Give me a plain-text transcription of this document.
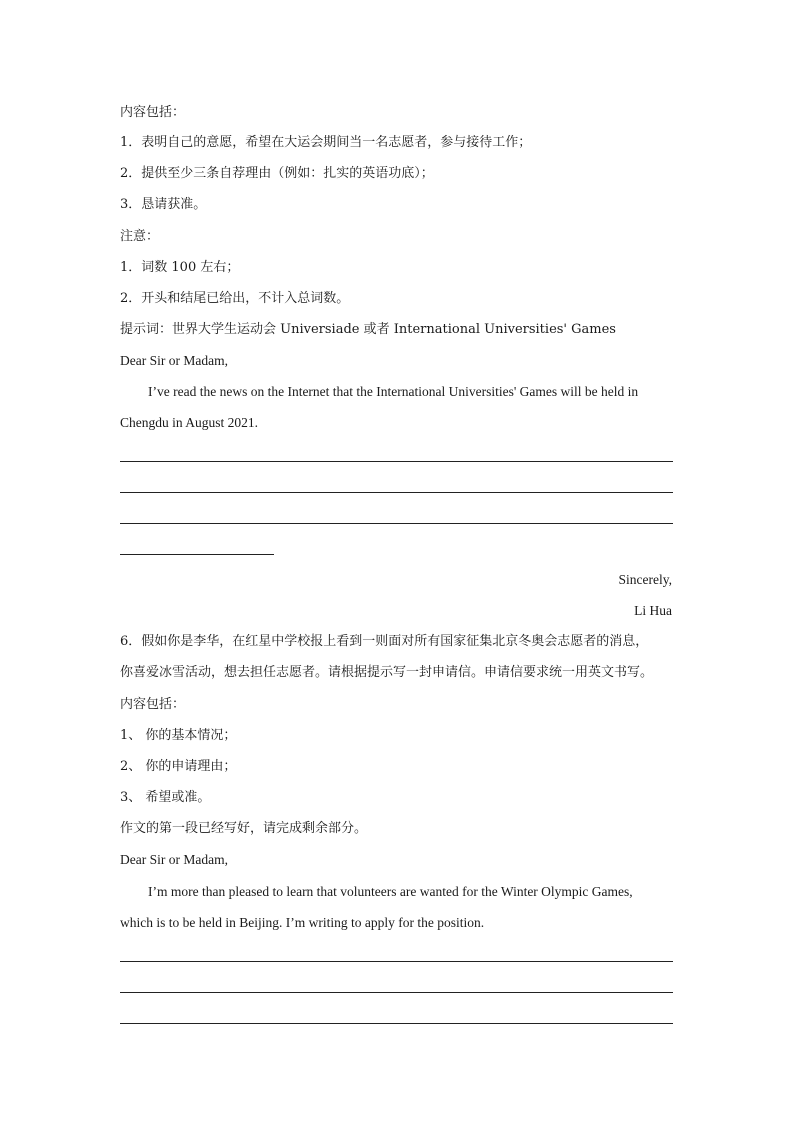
内容包括：
1．表明自己的意愿，希望在大运会期间当一名志愿者，参与接待工作；
2．提供至少三条自荐理由（例如：扎实的英语功底）；
3．恳请获准。
注意：
1．词数 100 左右；
2．开头和结尾已给出，不计入总词数。
提示词：世界大学生运动会 Universiade 或者 International Universities' Games
Dear Sir or Madam,
I’ve read the news on the Internet that the International Universities' Games will be held in
Chengdu in August 2021.
Sincerely,
Li Hua
6．假如你是李华，在红星中学校报上看到一则面对所有国家征集北京冬奥会志愿者的消息，
你喜爱冰雪活动，想去担任志愿者。请根据提示写一封申请信。申请信要求统一用英文书写。
内容包括：
1、 你的基本情况；
2、 你的申请理由；
3、 希望或准。
作文的第一段已经写好，请完成剩余部分。
Dear Sir or Madam,
I’m more than pleased to learn that volunteers are wanted for the Winter Olympic Games,
which is to be held in Beijing. I’m writing to apply for the position.
